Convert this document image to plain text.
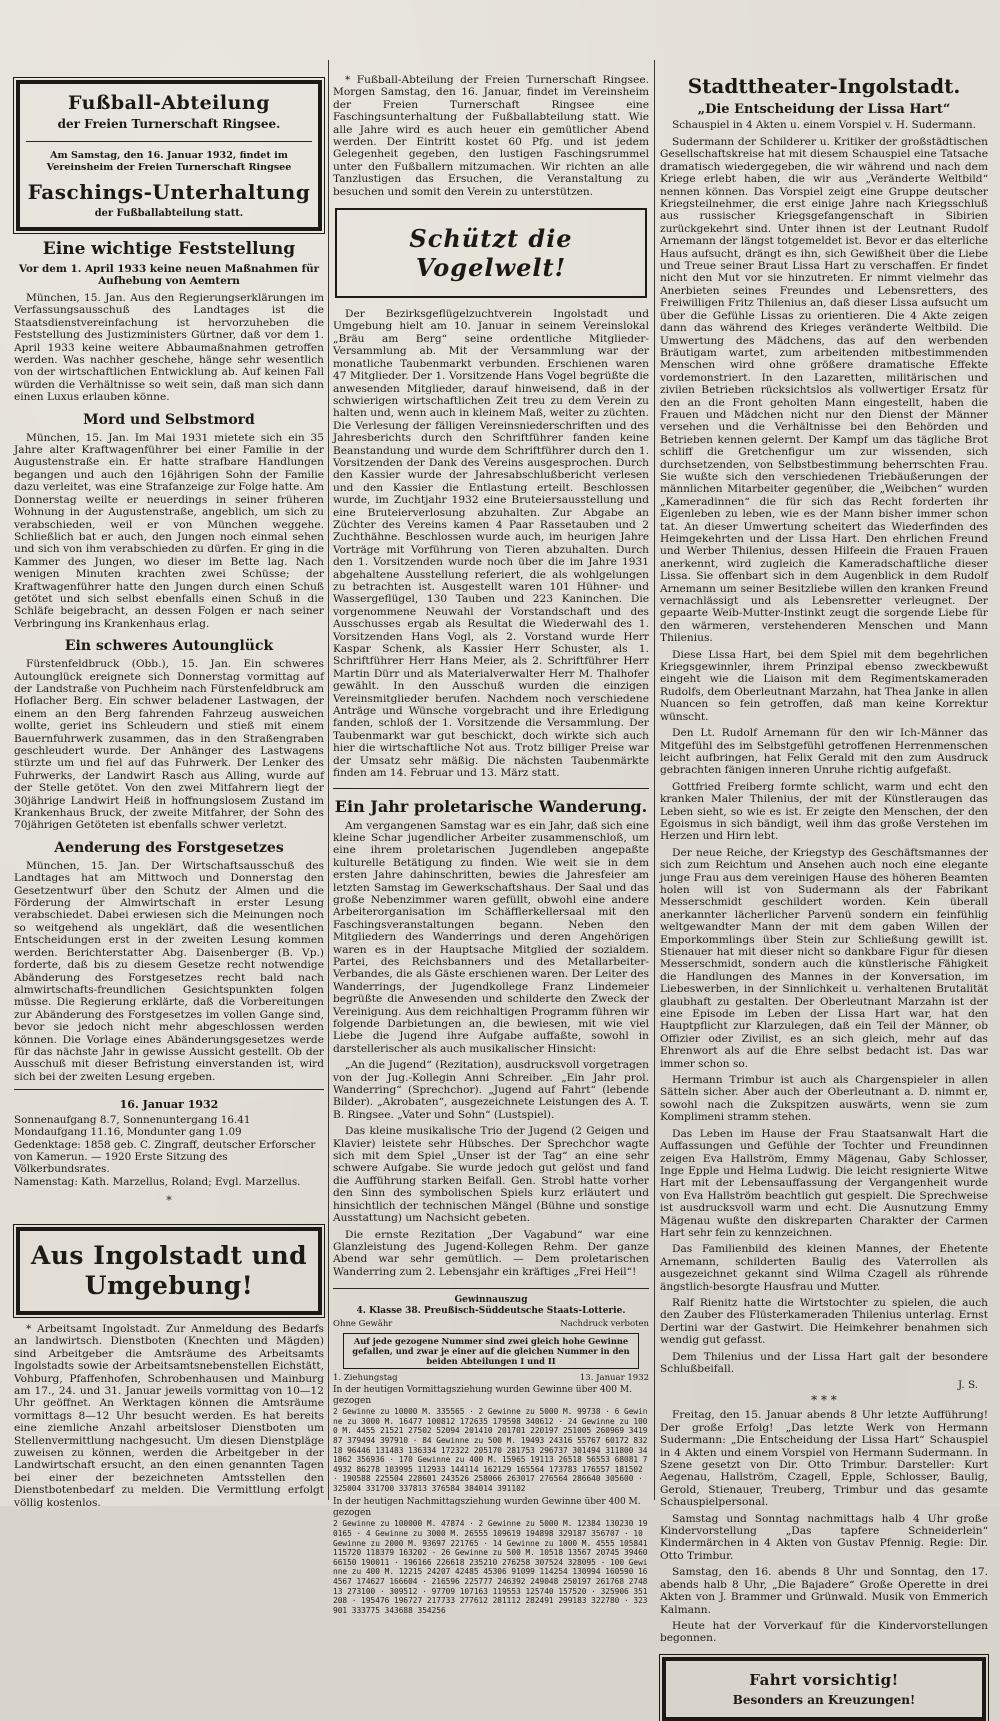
Fußball-Abteilung
der Freien Turnerschaft Ringsee.
Am Samstag, den 16. Januar 1932, findet im Vereinsheim der Freien Turnerschaft Ringsee
Faschings-Unterhaltung
der Fußballabteilung statt.
Eine wichtige Feststellung
Vor dem 1. April 1933 keine neuen Maßnahmen für Aufhebung von Aemtern

München, 15. Jan. Aus den Regierungserklärungen im Verfassungsausschuß des Landtages ist die Staatsdienstvereinfachung ist hervorzuheben die Feststellung des Justizministers Gürtner, daß vor dem 1. April 1933 keine weitere Abbaumaßnahmen getroffen werden. Was nachher geschehe, hänge sehr wesentlich von der wirtschaftlichen Entwicklung ab. Auf keinen Fall würden die Verhältnisse so weit sein, daß man sich dann einen Luxus erlauben könne.

Mord und Selbstmord

München, 15. Jan. Im Mai 1931 mietete sich ein 35 Jahre alter Kraftwagenführer bei einer Familie in der Augustenstraße ein. Er hatte strafbare Handlungen begangen und auch den 16jährigen Sohn der Familie dazu verleitet, was eine Strafanzeige zur Folge hatte. Am Donnerstag weilte er neuerdings in seiner früheren Wohnung in der Augustenstraße, angeblich, um sich zu verabschieden, weil er von München weggehe. Schließlich bat er auch, den Jungen noch einmal sehen und sich von ihm verabschieden zu dürfen. Er ging in die Kammer des Jungen, wo dieser im Bette lag. Nach wenigen Minuten krachten zwei Schüsse; der Kraftwagenführer hatte den Jungen durch einen Schuß getötet und sich selbst ebenfalls einen Schuß in die Schläfe beigebracht, an dessen Folgen er nach seiner Verbringung ins Krankenhaus erlag.

Ein schweres Autounglück

Fürstenfeldbruck (Obb.), 15. Jan. Ein schweres Autounglück ereignete sich Donnerstag vormittag auf der Landstraße von Puchheim nach Fürstenfeldbruck am Hoflacher Berg. Ein schwer beladener Lastwagen, der einem an den Berg fahrenden Fahrzeug ausweichen wollte, geriet ins Schleudern und stieß mit einem Bauernfuhrwerk zusammen, das in den Straßengraben geschleudert wurde. Der Anhänger des Lastwagens stürzte um und fiel auf das Fuhrwerk. Der Lenker des Fuhrwerks, der Landwirt Rasch aus Alling, wurde auf der Stelle getötet. Von den zwei Mitfahrern liegt der 30jährige Landwirt Heiß in hoffnungslosem Zustand im Krankenhaus Bruck, der zweite Mitfahrer, der Sohn des 70jährigen Getöteten ist ebenfalls schwer verletzt.

Aenderung des Forstgesetzes

München, 15. Jan. Der Wirtschaftsausschuß des Landtages hat am Mittwoch und Donnerstag den Gesetzentwurf über den Schutz der Almen und die Förderung der Almwirtschaft in erster Lesung verabschiedet. Dabei erwiesen sich die Meinungen noch so weitgehend als ungeklärt, daß die wesentlichen Entscheidungen erst in der zweiten Lesung kommen werden. Berichterstatter Abg. Daisenberger (B. Vp.) forderte, daß bis zu diesem Gesetze recht notwendige Abänderung des Forstgesetzes recht bald nach almwirtschafts-freundlichen Gesichtspunkten folgen müsse. Die Regierung erklärte, daß die Vorbereitungen zur Abänderung des Forstgesetzes im vollen Gange sind, bevor sie jedoch nicht mehr abgeschlossen werden können. Die Vorlage eines Abänderungsgesetzes werde für das nächste Jahr in gewisse Aussicht gestellt. Ob der Ausschuß mit dieser Befristung einverstanden ist, wird sich bei der zweiten Lesung ergeben.

16. Januar 1932

Sonnenaufgang 8.7, Sonnenuntergang 16.41

Mondaufgang 11.16, Mondunter gang 1.09

Gedenktage: 1858 geb. C. Zingraff, deutscher Erforscher von Kamerun. — 1920 Erste Sitzung des Völkerbundsrates.

Namenstag: Kath. Marzellus, Roland; Evgl. Marzellus.

*
Aus Ingolstadt und
Umgebung!

* Arbeitsamt Ingolstadt. Zur Anmeldung des Bedarfs an landwirtsch. Dienstboten (Knechten und Mägden) sind Arbeitgeber die Amtsräume des Arbeitsamts Ingolstadts sowie der Arbeitsamtsnebenstellen Eichstätt, Vohburg, Pfaffenhofen, Schrobenhausen und Mainburg am 17., 24. und 31. Januar jeweils vormittag von 10—12 Uhr geöffnet. An Werktagen können die Amtsräume vormittags 8—12 Uhr besucht werden. Es hat bereits eine ziemliche Anzahl arbeitsloser Dienstboten um Stellenvermittlung nachgesucht. Um diesen Dienstpläge zuweisen zu können, werden die Arbeitgeber in der Landwirtschaft ersucht, an den einen genannten Tagen bei einer der bezeichneten Amtsstellen den Dienstbotenbedarf zu melden. Die Vermittlung erfolgt völlig kostenlos.

* Fußball-Abteilung der Freien Turnerschaft Ringsee. Morgen Samstag, den 16. Januar, findet im Vereinsheim der Freien Turnerschaft Ringsee eine Faschingsunterhaltung der Fußballabteilung statt. Wie alle Jahre wird es auch heuer ein gemütlicher Abend werden. Der Eintritt kostet 60 Pfg. und ist jedem Gelegenheit gegeben, den lustigen Faschingsrummel unter den Fußballern mitzumachen. Wir richten an alle Tanzlustigen das Ersuchen, die Veranstaltung zu besuchen und somit den Verein zu unterstützen.

Schützt die Vogelwelt!

Der Bezirksgeflügelzuchtverein Ingolstadt und Umgebung hielt am 10. Januar in seinem Vereinslokal „Bräu am Berg“ seine ordentliche Mitglieder-Versammlung ab. Mit der Versammlung war der monatliche Taubenmarkt verbunden. Erschienen waren 47 Mitglieder. Der 1. Vorsitzende Hans Vogel begrüßte die anwesenden Mitglieder, darauf hinweisend, daß in der schwierigen wirtschaftlichen Zeit treu zu dem Verein zu halten und, wenn auch in kleinem Maß, weiter zu züchten. Die Verlesung der fälligen Vereinsniederschriften und des Jahresberichts durch den Schriftführer fanden keine Beanstandung und wurde dem Schriftführer durch den 1. Vorsitzenden der Dank des Vereins ausgesprochen. Durch den Kassier wurde der Jahresabschlußbericht verlesen und den Kassier die Entlastung erteilt. Beschlossen wurde, im Zuchtjahr 1932 eine Bruteiersausstellung und eine Bruteierverlosung abzuhalten. Zur Abgabe an Züchter des Vereins kamen 4 Paar Rassetauben und 2 Zuchthähne. Beschlossen wurde auch, im heurigen Jahre Vorträge mit Vorführung von Tieren abzuhalten. Durch den 1. Vorsitzenden wurde noch über die im Jahre 1931 abgehaltene Ausstellung referiert, die als wohlgelungen zu betrachten ist. Ausgestellt waren 101 Hühner- und Wassergeflügel, 130 Tauben und 223 Kaninchen. Die vorgenommene Neuwahl der Vorstandschaft und des Ausschusses ergab als Resultat die Wiederwahl des 1. Vorsitzenden Hans Vogl, als 2. Vorstand wurde Herr Kaspar Schenk, als Kassier Herr Schuster, als 1. Schriftführer Herr Hans Meier, als 2. Schriftführer Herr Martin Dürr und als Materialverwalter Herr M. Thalhofer gewählt. In den Ausschuß wurden die einzigen Vereinsmitglieder berufen. Nachdem noch verschiedene Anträge und Wünsche vorgebracht und ihre Erledigung fanden, schloß der 1. Vorsitzende die Versammlung. Der Taubenmarkt war gut beschickt, doch wirkte sich auch hier die wirtschaftliche Not aus. Trotz billiger Preise war der Umsatz sehr mäßig. Die nächsten Taubenmärkte finden am 14. Februar und 13. März statt.

Ein Jahr proletarische Wanderung.

Am vergangenen Samstag war es ein Jahr, daß sich eine kleine Schar jugendlicher Arbeiter zusammenschloß, um eine ihrem proletarischen Jugendleben angepaßte kulturelle Betätigung zu finden. Wie weit sie in dem ersten Jahre dahinschritten, bewies die Jahresfeier am letzten Samstag im Gewerkschaftshaus. Der Saal und das große Nebenzimmer waren gefüllt, obwohl eine andere Arbeiterorganisation im Schäfflerkellersaal mit den Faschingsveranstaltungen begann. Neben den Mitgliedern des Wanderrings und deren Angehörigen waren es in der Hauptsache Mitglied der sozialdem. Partei, des Reichsbanners und des Metallarbeiter-Verbandes, die als Gäste erschienen waren. Der Leiter des Wanderrings, der Jugendkollege Franz Lindemeier begrüßte die Anwesenden und schilderte den Zweck der Vereinigung. Aus dem reichhaltigen Programm führen wir folgende Darbietungen an, die bewiesen, mit wie viel Liebe die Jugend ihre Aufgabe auffaßte, sowohl in darstellerischer als auch musikalischer Hinsicht:

„An die Jugend“ (Rezitation), ausdrucksvoll vorgetragen von der Jug.-Kollegin Anni Schreiber. „Ein Jahr prol. Wanderring“ (Sprechchor). „Jugend auf Fahrt“ (lebende Bilder). „Akrobaten“, ausgezeichnete Leistungen des A. T. B. Ringsee. „Vater und Sohn“ (Lustspiel).

Das kleine musikalische Trio der Jugend (2 Geigen und Klavier) leistete sehr Hübsches. Der Sprechchor wagte sich mit dem Spiel „Unser ist der Tag“ an eine sehr schwere Aufgabe. Sie wurde jedoch gut gelöst und fand die Aufführung starken Beifall. Gen. Strobl hatte vorher den Sinn des symbolischen Spiels kurz erläutert und hinsichtlich der technischen Mängel (Bühne und sonstige Ausstattung) um Nachsicht gebeten.

Die ernste Rezitation „Der Vagabund“ war eine Glanzleistung des Jugend-Kollegen Rehm. Der ganze Abend war sehr gemütlich. — Dem proletarischen Wanderring zum 2. Lebensjahr ein kräftiges „Frei Heil“!

Gewinnauszug

4. Klasse 38. Preußisch-Süddeutsche Staats-Lotterie.

Ohne Gewähr	Nachdruck verboten
Auf jede gezogene Nummer sind zwei gleich hohe Gewinne gefallen, und zwar je einer auf die gleichen Nummer in den beiden Abteilungen I und II
1. Ziehungstag	13. Januar 1932

In der heutigen Vormittagsziehung wurden Gewinne über 400 M. gezogen

2 Gewinne zu 10000 M. 335565 · 2 Gewinne zu 5000 M. 99738 · 6 Gewinne zu 3000 M. 16477 100812 172635 179598 340612 · 24 Gewinne zu 1000 M. 4455 21521 27502 52094 201410 201701 220197 251005 260969 341987 379494 397910 · 84 Gewinne zu 500 M. 19493 24316 55767 60172 83218 96446 131483 136334 172322 205170 281753 296737 301494 311800 341862 356936 · 170 Gewinne zu 400 M. 15965 19113 26518 56553 68081 74932 86278 103995 112933 144114 162129 165564 173783 176557 181502 · 190588 225504 228601 243526 258066 263017 276564 286640 305600 · 325004 331700 337813 376584 384014 391102

In der heutigen Nachmittagsziehung wurden Gewinne über 400 M. gezogen

2 Gewinne zu 100000 M. 47874 · 2 Gewinne zu 5000 M. 12384 130230 190165 · 4 Gewinne zu 3000 M. 26555 109619 194898 329187 356707 · 10 Gewinne zu 2000 M. 93697 221765 · 14 Gewinne zu 1000 M. 4555 105841 115720 118379 163202 · 26 Gewinne zu 500 M. 10518 13567 20745 39460 66150 190011 · 196166 226618 235210 276258 307524 328095 · 100 Gewinne zu 400 M. 12215 24207 42485 45306 91099 114254 130994 160590 164567 174627 166604 · 216596 225777 246392 249048 250197 261768 274813 273100 · 309512 · 97709 107163 119553 125740 157520 · 325906 351208 · 195476 196727 217733 277612 281112 282491 299183 322780 · 323901 333775 343688 354256

Stadttheater-Ingolstadt.
„Die Entscheidung der Lissa Hart“
Schauspiel in 4 Akten u. einem Vorspiel v. H. Sudermann.

Sudermann der Schilderer u. Kritiker der großstädtischen Gesellschaftskreise hat mit diesem Schauspiel eine Tatsache dramatisch wiedergegeben, die wir während und nach dem Kriege erlebt haben, die wir aus „Veränderte Weltbild“ nennen können. Das Vorspiel zeigt eine Gruppe deutscher Kriegsteilnehmer, die erst einige Jahre nach Kriegsschluß aus russischer Kriegsgefangenschaft in Sibirien zurückgekehrt sind. Unter ihnen ist der Leutnant Rudolf Arnemann der längst totgemeldet ist. Bevor er das elterliche Haus aufsucht, drängt es ihn, sich Gewißheit über die Liebe und Treue seiner Braut Lissa Hart zu verschaffen. Er findet nicht den Mut vor sie hinzutreten. Er nimmt vielmehr das Anerbieten seines Freundes und Lebensretters, des Freiwilligen Fritz Thilenius an, daß dieser Lissa aufsucht um über die Gefühle Lissas zu orientieren. Die 4 Akte zeigen dann das während des Krieges veränderte Weltbild. Die Umwertung des Mädchens, das auf den werbenden Bräutigam wartet, zum arbeitenden mitbestimmenden Menschen wird ohne größere dramatische Effekte vordemonstriert. In den Lazaretten, militärischen und zivilen Betrieben rücksichtslos als vollwertiger Ersatz für den an die Front geholten Mann eingestellt, haben die Frauen und Mädchen nicht nur den Dienst der Männer versehen und die Verhältnisse bei den Behörden und Betrieben kennen gelernt. Der Kampf um das tägliche Brot schliff die Gretchenfigur um zur wissenden, sich durchsetzenden, von Selbstbestimmung beherrschten Frau. Sie wußte sich den verschiedenen Triebäußerungen der männlichen Mitarbeiter gegenüber, die „Weibchen“ wurden „Kameradinnen“ die für sich das Recht forderten ihr Eigenleben zu leben, wie es der Mann bisher immer schon tat. An dieser Umwertung scheitert das Wiederfinden des Heimgekehrten und der Lissa Hart. Den ehrlichen Freund und Werber Thilenius, dessen Hilfeein die Frauen Frauen anerkennt, wird zugleich die Kameradschaftliche dieser Lissa. Sie offenbart sich in dem Augenblick in dem Rudolf Arnemann um seiner Besitzliebe willen den kranken Freund vernachlässigt und als Lebensretter verleugnet. Der gepaarte Weib-Mutter-Instinkt zeugt die sorgende Liebe für den wärmeren, verstehenderen Menschen und Mann Thilenius.

Diese Lissa Hart, bei dem Spiel mit dem begehrlichen Kriegsgewinnler, ihrem Prinzipal ebenso zweckbewußt eingeht wie die Liaison mit dem Regimentskameraden Rudolfs, dem Oberleutnant Marzahn, hat Thea Janke in allen Nuancen so fein getroffen, daß man keine Korrektur wünscht.

Den Lt. Rudolf Arnemann für den wir Ich-Männer das Mitgefühl des im Selbstgefühl getroffenen Herrenmenschen leicht aufbringen, hat Felix Gerald mit den zum Ausdruck gebrachten fänigen inneren Unruhe richtig aufgefaßt.

Gottfried Freiberg formte schlicht, warm und echt den kranken Maler Thilenius, der mit der Künstleraugen das Leben sieht, so wie es ist. Er zeigte den Menschen, der den Egoismus in sich bändigt, weil ihm das große Verstehen im Herzen und Hirn lebt.

Der neue Reiche, der Kriegstyp des Geschäftsmannes der sich zum Reichtum und Ansehen auch noch eine elegante junge Frau aus dem vereinigen Hause des höheren Beamten holen will ist von Sudermann als der Fabrikant Messerschmidt geschildert worden. Kein überall anerkannter lächerlicher Parvenü sondern ein feinfühlig weltgewandter Mann der mit dem gaben Willen der Emporkommlings über Stein zur Schließung gewillt ist. Stienauer hat mit dieser nicht so dankbare Figur für diesen Messerschmidt, sondern auch die künstlerische Fähigkeit die Handlungen des Mannes in der Konversation, im Liebeswerben, in der Sinnlichkeit u. verhaltenen Brutalität glaubhaft zu gestalten. Der Oberleutnant Marzahn ist der eine Episode im Leben der Lissa Hart war, hat den Hauptpflicht zur Klarzulegen, daß ein Teil der Männer, ob Offizier oder Zivilist, es an sich gleich, mehr auf das Ehrenwort als auf die Ehre selbst bedacht ist. Das war immer schon so.

Hermann Trimbur ist auch als Chargenspieler in allen Sätteln sicher. Aber auch der Oberleutnant a. D. nimmt er, sowohl nach die Zukspitzen auswärts, wenn sie zum Komplimeni stramm stehen.

Das Leben im Hause der Frau Staatsanwalt Hart die Auffassungen und Gefühle der Tochter und Freundinnen zeigen Eva Hallström, Emmy Mägenau, Gaby Schlosser, Inge Epple und Helma Ludwig. Die leicht resignierte Witwe Hart mit der Lebensauffassung der Vergangenheit wurde von Eva Hallström beachtlich gut gespielt. Die Sprechweise ist ausdrucksvoll warm und echt. Die Ausnutzung Emmy Mägenau wußte den diskreparten Charakter der Carmen Hart sehr fein zu kennzeichnen.

Das Familienbild des kleinen Mannes, der Ehetente Arnemann, schilderten Baulig des Vaterrollen als ausgezeichnet gekannt sind Wilma Czagell als rührende ängstlich-besorgte Hausfrau und Mutter.

Ralf Rienitz hatte die Wirtstochter zu spielen, die auch den Zauber des Flüsterkameraden Thilenius unterlag. Ernst Dertini war der Gastwirt. Die Heimkehrer benahmen sich wendig gut gefasst.

Dem Thilenius und der Lissa Hart galt der besondere Schlußbeifall.

J. S.
* * *

Freitag, den 15. Januar abends 8 Uhr letzte Aufführung! Der große Erfolg! „Das letzte Werk von Hermann Sudermann: „Die Entscheidung der Lissa Hart“ Schauspiel in 4 Akten und einem Vorspiel von Hermann Sudermann. In Szene gesetzt von Dir. Otto Trimbur. Darsteller: Kurt Aegenau, Hallström, Czagell, Epple, Schlosser, Baulig, Gerold, Stienauer, Treuberg, Trimbur und das gesamte Schauspielpersonal.

Samstag und Sonntag nachmittags halb 4 Uhr große Kindervorstellung „Das tapfere Schneiderlein“ Kindermärchen in 4 Akten von Gustav Pfennig. Regie: Dir. Otto Trimbur.

Samstag, den 16. abends 8 Uhr und Sonntag, den 17. abends halb 8 Uhr, „Die Bajadere“ Große Operette in drei Akten von J. Brammer und Grünwald. Musik von Emmerich Kalmann.

Heute hat der Vorverkauf für die Kindervorstellungen begonnen.

Fahrt vorsichtig!
Besonders an Kreuzungen!
